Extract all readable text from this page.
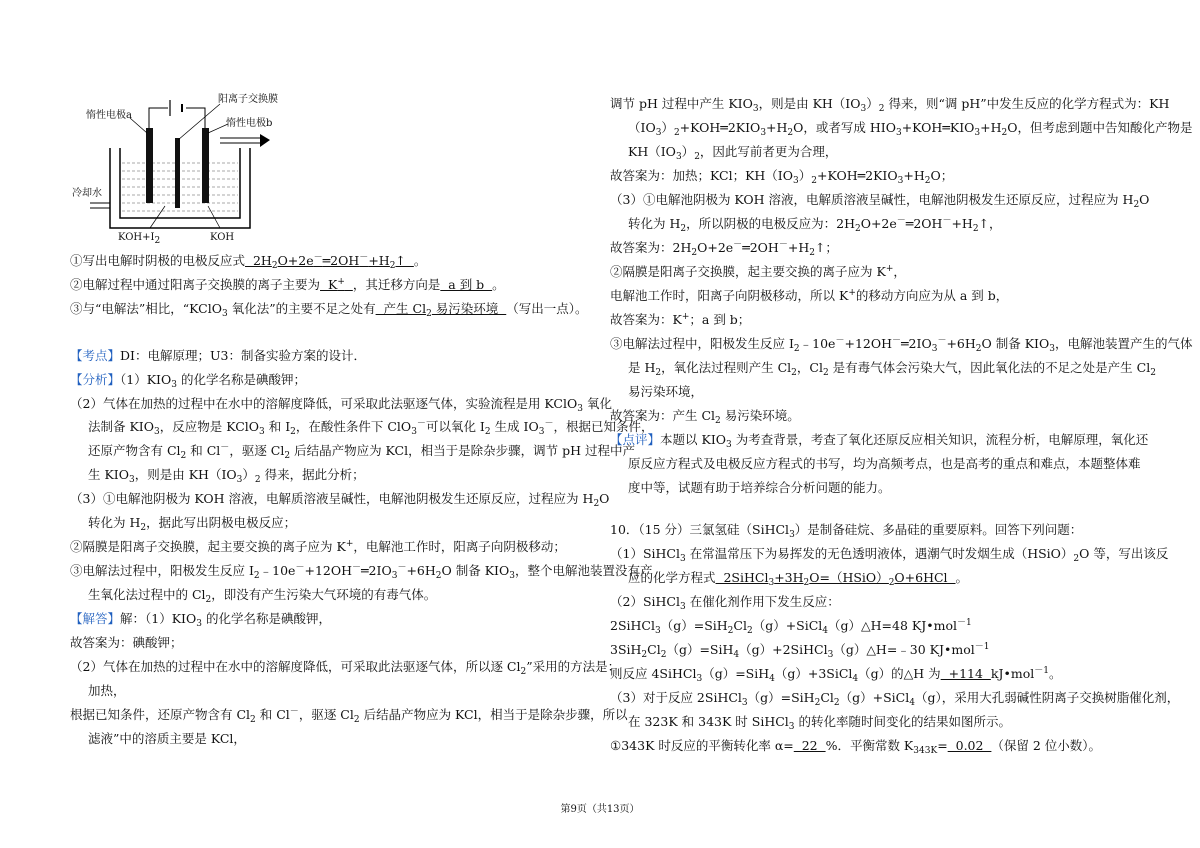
惰性电极a
阳离子交换膜
惰性电极b
冷却水
$KOH+I_2$	KOH
①写出电解时阴极的电极反应式  $2H_2O+2e^-═2OH^-+H_2↑$  。
②电解过程中通过阳离子交换膜的离子主要为  K+ ，其迁移方向是  a 到 b  。
③与“电解法”相比，“KClO$_3$ 氧化法”的主要不足之处有  产生 $Cl_2$ 易污染环境  （写出一点）。
【考点】DI：电解原理；U3：制备实验方案的设计．
【分析】$(1)KIO_3$ 的化学名称是碘酸钾；
（2）气体在加热的过程中在水中的溶解度降低，可采取此法驱逐气体，实验流程是用 KClO$_3$ 氧化
法制备 $KIO_3$，反应物是 KClO$_3$ 和 $I_2$，在酸性条件下 ClO$_3$－可以氧化 $I_2$ 生成 $IO_3^-$，根据已知条件，
还原产物含有 $Cl_2$ 和 Cl－，驱逐 $Cl_2$ 后结晶产物应为 KCl，相当于是除杂步骤，调节 pH 过程中产
生 $KIO_3$，则是由 $KH(IO_3)_2$ 得来，据此分析；
（3）①电解池阴极为 KOH 溶液，电解质溶液呈碱性，电解池阴极发生还原反应，过程应为 $H_2O$
转化为 $H_2$，据此写出阴极电极反应；
②隔膜是阳离子交换膜，起主要交换的离子应为 K+，电解池工作时，阳离子向阴极移动；
③电解法过程中，阳极发生反应 $I_2﹣10e^-+12OH^-═2IO_3^-+6H_2O$ 制备 $KIO_3$，整个电解池装置没有产
生氧化法过程中的 $Cl_2$，即没有产生污染大气环境的有毒气体。
【解答】解：$(1)KIO_3$ 的化学名称是碘酸钾，
故答案为：碘酸钾；
（2）气体在加热的过程中在水中的溶解度降低，可采取此法驱逐气体，所以逐 $Cl_2$”采用的方法是：
加热，
根据已知条件，还原产物含有 $Cl_2$ 和 Cl－，驱逐 $Cl_2$ 后结晶产物应为 KCl，相当于是除杂步骤，所以
滤液”中的溶质主要是 KCl，
调节 pH 过程中产生 $KIO_3$，则是由 $KH(IO_3)_2$ 得来，则“调 pH”中发生反应的化学方程式为：KH
$(IO_3)_2+KOH═2KIO_3+H_2O$，或者写成 $HIO_3+KOH═KIO_3+H_2O$，但考虑到题中告知酸化产物是
$KH(IO_3)_2$，因此写前者更为合理，
故答案为：加热；KCl；$KH(IO_3)_2+KOH═2KIO_3+H_2O$；
（3）①电解池阴极为 KOH 溶液，电解质溶液呈碱性，电解池阴极发生还原反应，过程应为 $H_2O$
转化为 $H_2$，所以阴极的电极反应为：$2H_2O+2e^-═2OH^-+H_2↑$，
故答案为：$2H_2O+2e^-═2OH^-+H_2↑$；
②隔膜是阳离子交换膜，起主要交换的离子应为 K+，
电解池工作时，阳离子向阴极移动，所以 K+的移动方向应为从 a 到 b，
故答案为：K+；a 到 b；
③电解法过程中，阳极发生反应 $I_2﹣10e^-+12OH^-═2IO_3^-+6H_2O$ 制备 $KIO_3$，电解池装置产生的气体
是 $H_2$，氧化法过程则产生 $Cl_2$，$Cl_2$ 是有毒气体会污染大气，因此氧化法的不足之处是产生 $Cl_2$
易污染环境，
故答案为：产生 $Cl_2$ 易污染环境。
【点评】本题以 $KIO_3$ 为考查背景，考查了氧化还原反应相关知识，流程分析，电解原理，氧化还
原反应方程式及电极反应方程式的书写，均为高频考点，也是高考的重点和难点，本题整体难
度中等，试题有助于培养综合分析问题的能力。
10．（15 分）三氯氢硅（SiHCl$_3$）是制备硅烷、多晶硅的重要原料。回答下列问题：
（1）SiHCl$_3$ 在常温常压下为易挥发的无色透明液体，遇潮气时发烟生成$(HSiO)_2O$ 等，写出该反
应的化学方程式  $2SiHCl_3+3H_2O=(HSiO)_2O+6HCl$  。
（2）SiHCl$_3$ 在催化剂作用下发生反应：
$2SiHCl_3(g)=SiH_2Cl_2(g)+SiCl_4(g)\triangle H=48$ KJ•mol$^{-1}$
$3SiH_2Cl_2(g)=SiH_4(g)+2SiHCl_3(g)\triangle H=﹣30$ KJ•mol$^{-1}$
则反应 4SiHCl$_3$（g）=SiH$_4$（g）+3SiCl$_4$（g）的△H 为  +114  kJ•mol$^{-1}$。
（3）对于反应 $2SiHCl_3(g)=SiH_2Cl_2(g)+SiCl_4(g)$，采用大孔弱碱性阴离子交换树脂催化剂，
在 323K 和 343K 时 SiHCl$_3$ 的转化率随时间变化的结果如图所示。
①343K 时反应的平衡转化率 α=  22  %．平衡常数 $K_{343K}= 0.02$  （保留 2 位小数）。
第9页（共13页）
